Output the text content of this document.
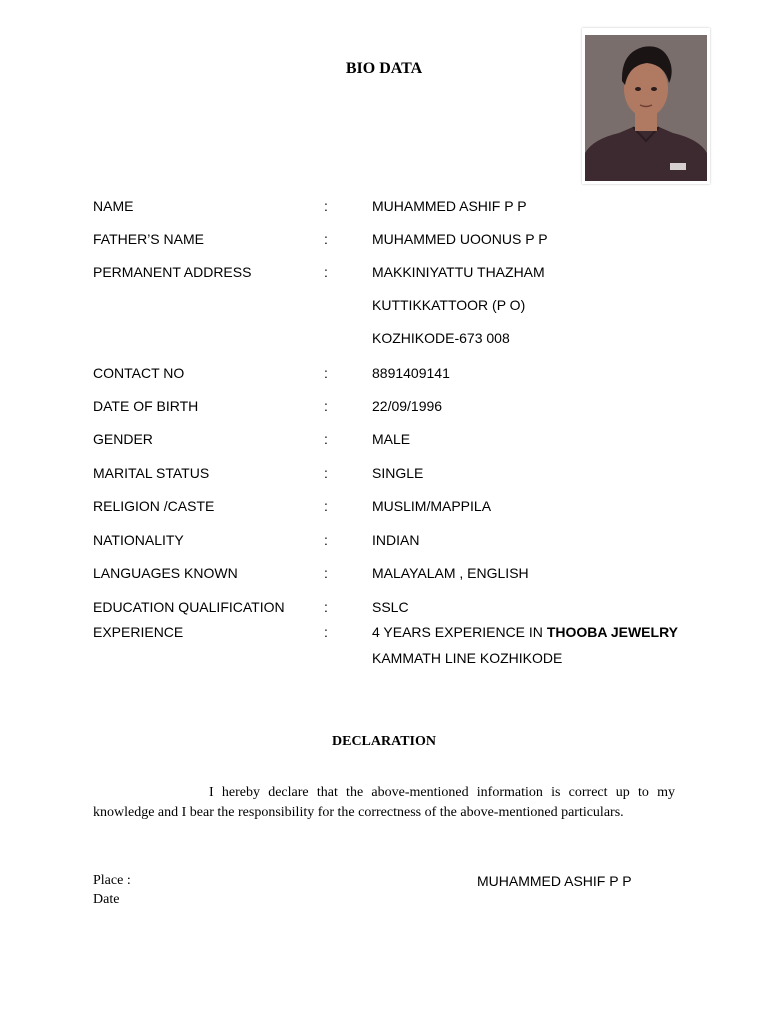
BIO DATA
NAME	:	MUHAMMED ASHIF P P
FATHER’S NAME	:	MUHAMMED UOONUS P P
PERMANENT ADDRESS	:	MAKKINIYATTU THAZHAM
KUTTIKKATTOOR (P O)
KOZHIKODE-673 008
CONTACT NO	:	8891409141
DATE OF BIRTH	:	22/09/1996
GENDER	:	MALE
MARITAL STATUS	:	SINGLE
RELIGION /CASTE	:	MUSLIM/MAPPILA
NATIONALITY	:	INDIAN
LANGUAGES KNOWN	:	MALAYALAM , ENGLISH
EDUCATION QUALIFICATION	:	SSLC
EXPERIENCE	:	4 YEARS EXPERIENCE IN THOOBA JEWELRY
KAMMATH LINE KOZHIKODE
DECLARATION

I hereby declare that the above-mentioned information is correct up to my knowledge and I bear the responsibility for the correctness of the above-mentioned particulars.

Place :
Date
MUHAMMED ASHIF P P
